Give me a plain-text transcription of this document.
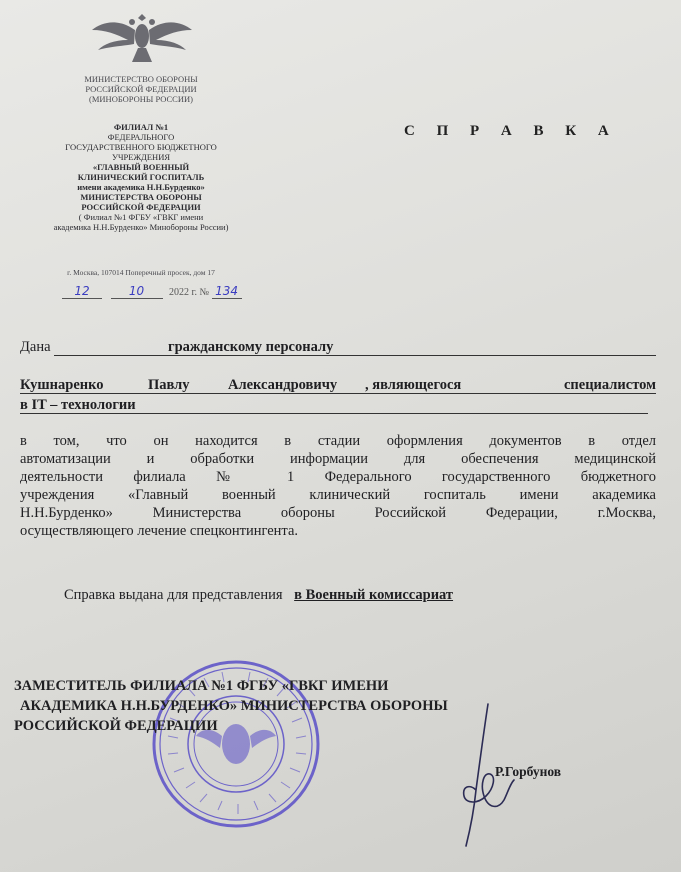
МИНИСТЕРСТВО ОБОРОНЫ
РОССИЙСКОЙ ФЕДЕРАЦИИ
(МИНОБОРОНЫ РОССИИ)
ФИЛИАЛ №1
ФЕДЕРАЛЬНОГО
ГОСУДАРСТВЕННОГО БЮДЖЕТНОГО
УЧРЕЖДЕНИЯ
«ГЛАВНЫЙ ВОЕННЫЙ
КЛИНИЧЕСКИЙ ГОСПИТАЛЬ
имени академика Н.Н.Бурденко»
МИНИСТЕРСТВА ОБОРОНЫ
РОССИЙСКОЙ ФЕДЕРАЦИИ
( Филиал №1 ФГБУ «ГВКГ имени
академика Н.Н.Бурденко» Минобороны России)
г. Москва, 107014 Поперечный просек, дом 17
12	10 2022 г. № 134
С П Р А В К А
Дана	гражданскому персоналу
Кушнаренко	Павлу	Александровичу , являющегося	специалистом
в IT – технологии
в том, что он находится в стадии оформления документов в отдел
автоматизации и обработки информации для обеспечения медицинской
деятельности филиала № 1 Федерального государственного бюджетного
учреждения «Главный военный клинический госпиталь имени академика
Н.Н.Бурденко» Министерства обороны Российской Федерации, г.Москва,
осуществляющего лечение спецконтингента.
Справка выдана для представления в Военный комиссариат
ЗАМЕСТИТЕЛЬ ФИЛИАЛА №1 ФГБУ «ГВКГ ИМЕНИ
АКАДЕМИКА Н.Н.БУРДЕНКО» МИНИСТЕРСТВА ОБОРОНЫ
РОССИЙСКОЙ ФЕДЕРАЦИИ
Р.Горбунов
